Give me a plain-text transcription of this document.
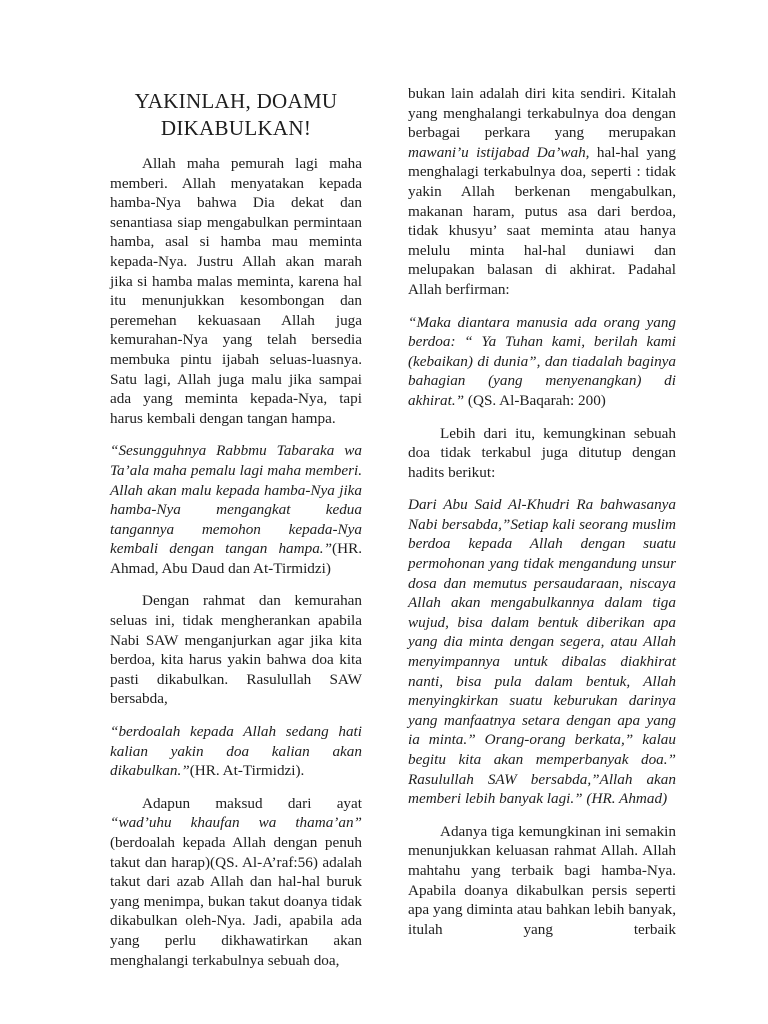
YAKINLAH, DOAMU
DIKABULKAN!

Allah maha pemurah lagi maha memberi. Allah menyatakan kepada hamba-Nya bahwa Dia dekat dan senantiasa siap mengabulkan permintaan hamba, asal si hamba mau meminta kepada-Nya. Justru Allah akan marah jika si hamba malas meminta, karena hal itu menunjukkan kesombongan dan peremehan kekuasaan Allah juga kemurahan-Nya yang telah bersedia membuka pintu ijabah seluas-luasnya. Satu lagi, Allah juga malu jika sampai ada yang meminta kepada-Nya, tapi harus kembali dengan tangan hampa.

“Sesungguhnya Rabbmu Tabaraka wa Ta’ala maha pemalu lagi maha memberi. Allah akan malu kepada hamba-Nya jika hamba-Nya mengangkat kedua tangannya memohon kepada-Nya kembali dengan tangan hampa.”(HR. Ahmad, Abu Daud dan At-Tirmidzi)

Dengan rahmat dan kemurahan seluas ini, tidak mengherankan apabila Nabi SAW menganjurkan agar jika kita berdoa, kita harus yakin bahwa doa kita pasti dikabulkan. Rasulullah SAW bersabda,

“berdoalah kepada Allah sedang hati kalian yakin doa kalian akan dikabulkan.”(HR. At-Tirmidzi).

Adapun maksud dari ayat “wad’uhu khaufan wa thama’an” (berdoalah kepada Allah dengan penuh takut dan harap)(QS. Al-A’raf:56) adalah takut dari azab Allah dan hal-hal buruk yang menimpa, bukan takut doanya tidak dikabulkan oleh-Nya. Jadi, apabila ada yang perlu dikhawatirkan akan menghalangi terkabulnya sebuah doa,

bukan lain adalah diri kita sendiri. Kitalah yang menghalangi terkabulnya doa dengan berbagai perkara yang merupakan mawani’u istijabad Da’wah, hal-hal yang menghalagi terkabulnya doa, seperti : tidak yakin Allah berkenan mengabulkan, makanan haram, putus asa dari berdoa, tidak khusyu’ saat meminta atau hanya melulu minta hal-hal duniawi dan melupakan balasan di akhirat. Padahal Allah berfirman:

“Maka diantara manusia ada orang yang berdoa: “ Ya Tuhan kami, berilah kami (kebaikan) di dunia”, dan tiadalah baginya bahagian (yang menyenangkan) di akhirat.” (QS. Al-Baqarah: 200)

Lebih dari itu, kemungkinan sebuah doa tidak terkabul juga ditutup dengan hadits berikut:

Dari Abu Said Al-Khudri Ra bahwasanya Nabi bersabda,”Setiap kali seorang muslim berdoa kepada Allah dengan suatu permohonan yang tidak mengandung unsur dosa dan memutus persaudaraan, niscaya Allah akan mengabulkannya dalam tiga wujud, bisa dalam bentuk diberikan apa yang dia minta dengan segera, atau Allah menyimpannya untuk dibalas diakhirat nanti, bisa pula dalam bentuk, Allah menyingkirkan suatu keburukan darinya yang manfaatnya setara dengan apa yang ia minta.” Orang-orang berkata,” kalau begitu kita akan memperbanyak doa.” Rasulullah SAW bersabda,”Allah akan memberi lebih banyak lagi.” (HR. Ahmad)

Adanya tiga kemungkinan ini semakin menunjukkan keluasan rahmat Allah. Allah mahtahu yang terbaik bagi hamba-Nya. Apabila doanya dikabulkan persis seperti apa yang diminta atau bahkan lebih banyak, itulah yang terbaik
